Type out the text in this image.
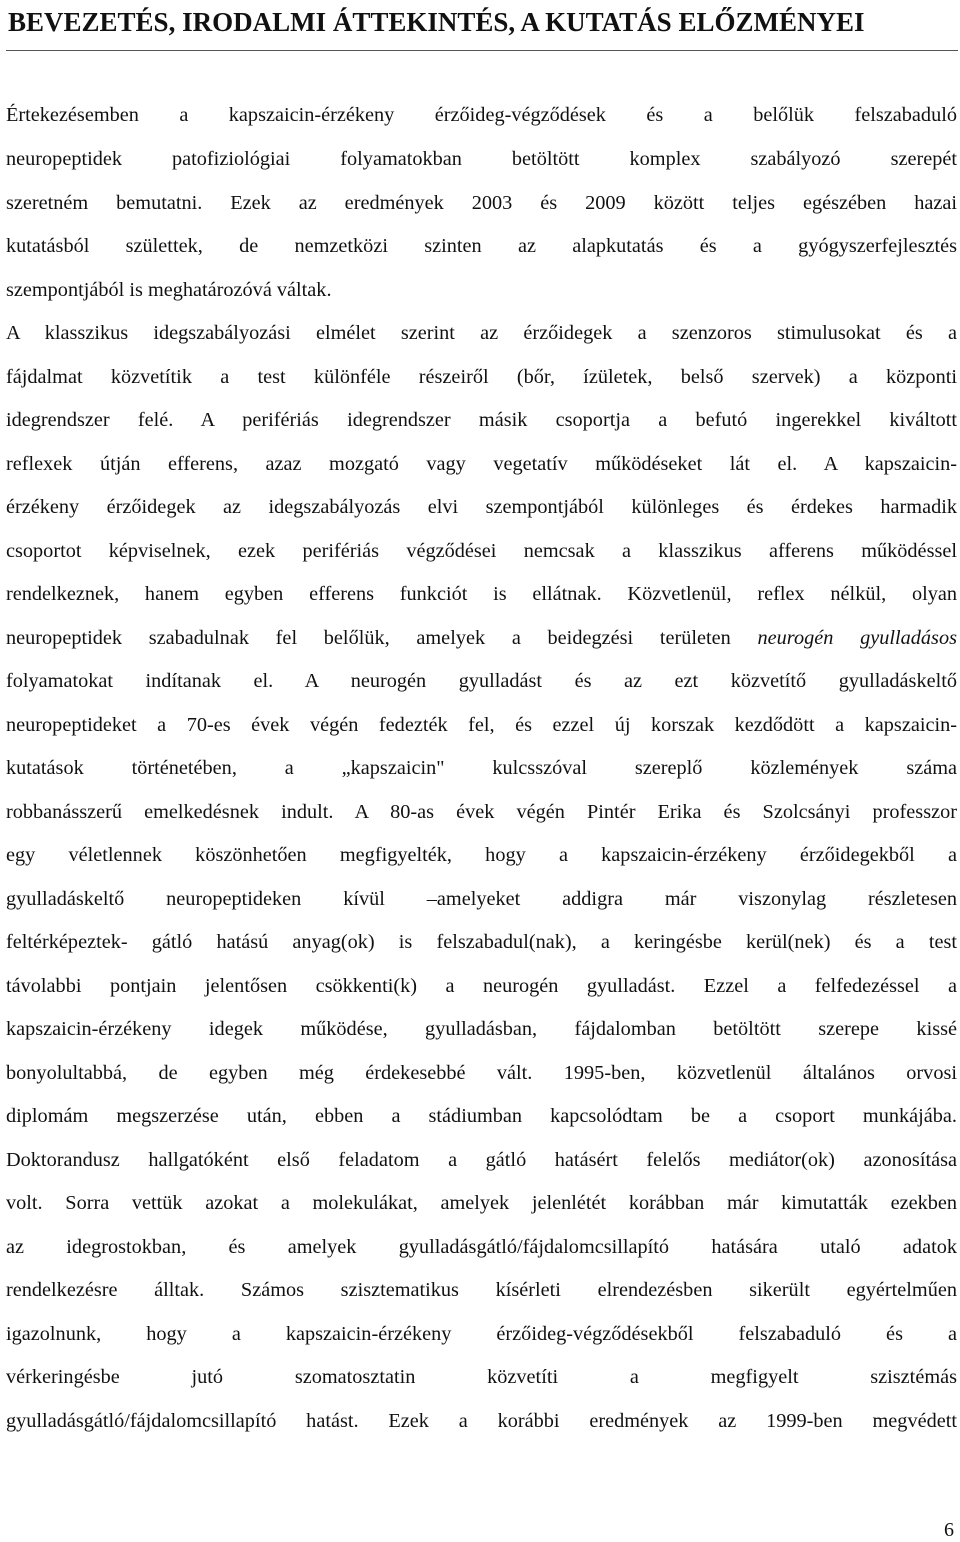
BEVEZETÉS, IRODALMI ÁTTEKINTÉS, A KUTATÁS ELŐZMÉNYEI
Értekezésemben a kapszaicin-érzékeny érzőideg-végződések és a belőlük felszabaduló
neuropeptidek patofiziológiai folyamatokban betöltött komplex szabályozó szerepét
szeretném bemutatni. Ezek az eredmények 2003 és 2009 között teljes egészében hazai
kutatásból születtek, de nemzetközi szinten az alapkutatás és a gyógyszerfejlesztés
szempontjából is meghatározóvá váltak.
A klasszikus idegszabályozási elmélet szerint az érzőidegek a szenzoros stimulusokat és a
fájdalmat közvetítik a test különféle részeiről (bőr, ízületek, belső szervek) a központi
idegrendszer felé. A perifériás idegrendszer másik csoportja a befutó ingerekkel kiváltott
reflexek útján efferens, azaz mozgató vagy vegetatív működéseket lát el. A kapszaicin-
érzékeny érzőidegek az idegszabályozás elvi szempontjából különleges és érdekes harmadik
csoportot képviselnek, ezek perifériás végződései nemcsak a klasszikus afferens működéssel
rendelkeznek, hanem egyben efferens funkciót is ellátnak. Közvetlenül, reflex nélkül, olyan
neuropeptidek szabadulnak fel belőlük, amelyek a beidegzési területen neurogén gyulladásos
folyamatokat indítanak el. A neurogén gyulladást és az ezt közvetítő gyulladáskeltő
neuropeptideket a 70-es évek végén fedezték fel, és ezzel új korszak kezdődött a kapszaicin-
kutatások történetében, a „kapszaicin" kulcsszóval szereplő közlemények száma
robbanásszerű emelkedésnek indult. A 80-as évek végén Pintér Erika és Szolcsányi professzor
egy véletlennek köszönhetően megfigyelték, hogy a kapszaicin-érzékeny érzőidegekből a
gyulladáskeltő neuropeptideken kívül –amelyeket addigra már viszonylag részletesen
feltérképeztek- gátló hatású anyag(ok) is felszabadul(nak), a keringésbe kerül(nek) és a test
távolabbi pontjain jelentősen csökkenti(k) a neurogén gyulladást. Ezzel a felfedezéssel a
kapszaicin-érzékeny idegek működése, gyulladásban, fájdalomban betöltött szerepe kissé
bonyolultabbá, de egyben még érdekesebbé vált. 1995-ben, közvetlenül általános orvosi
diplomám megszerzése után, ebben a stádiumban kapcsolódtam be a csoport munkájába.
Doktorandusz hallgatóként első feladatom a gátló hatásért felelős mediátor(ok) azonosítása
volt. Sorra vettük azokat a molekulákat, amelyek jelenlétét korábban már kimutatták ezekben
az idegrostokban, és amelyek gyulladásgátló/fájdalomcsillapító hatására utaló adatok
rendelkezésre álltak. Számos szisztematikus kísérleti elrendezésben sikerült egyértelműen
igazolnunk, hogy a kapszaicin-érzékeny érzőideg-végződésekből felszabaduló és a
vérkeringésbe jutó szomatosztatin közvetíti a megfigyelt szisztémás
gyulladásgátló/fájdalomcsillapító hatást. Ezek a korábbi eredmények az 1999-ben megvédett
6
